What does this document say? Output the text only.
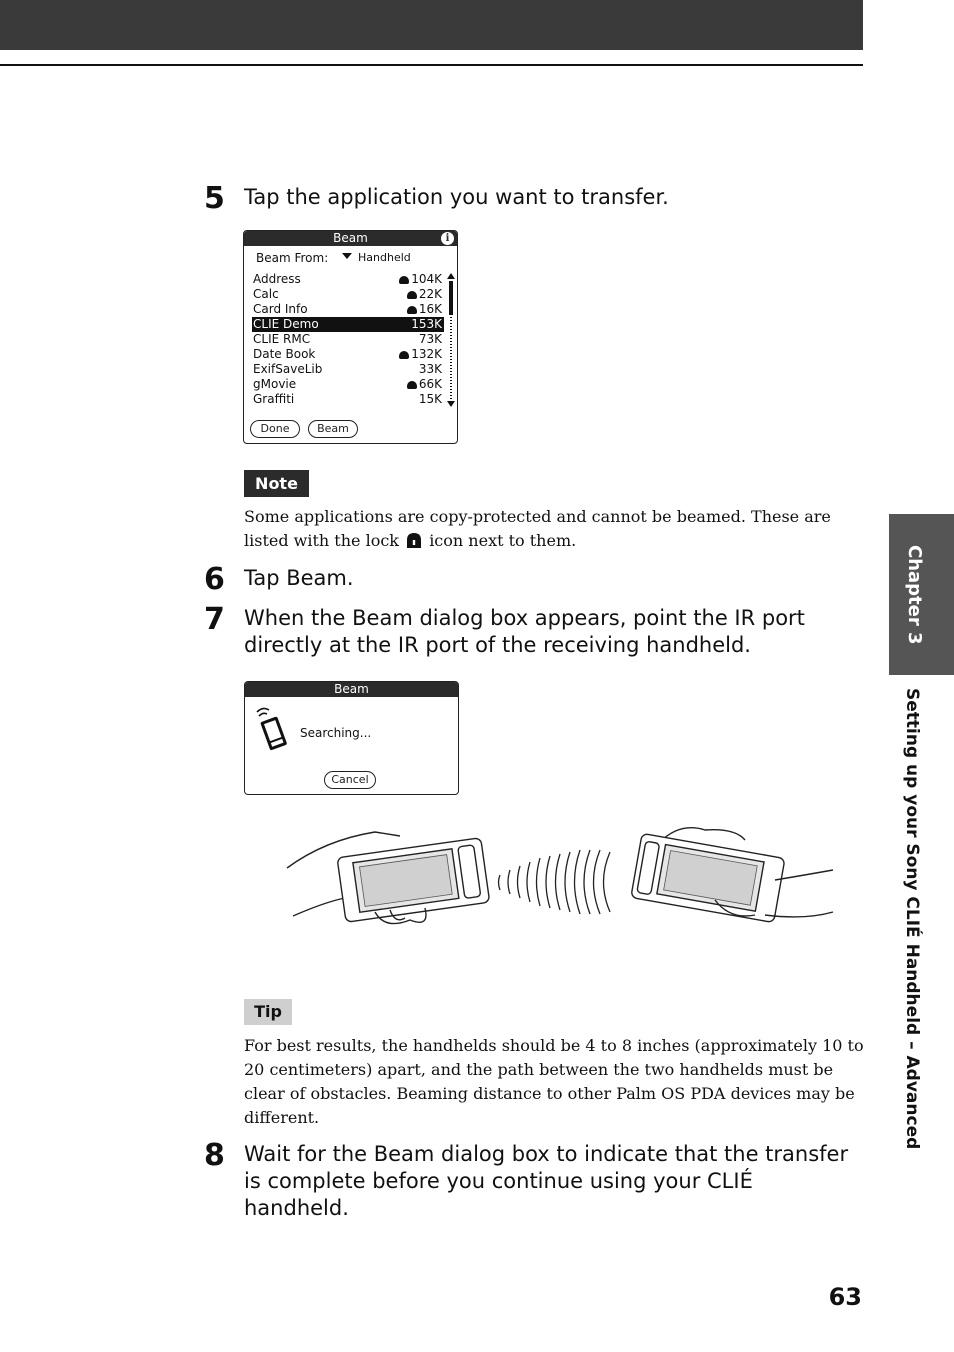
5 Tap the application you want to transfer.
Beam	i
Beam From:	Handheld
Address	104K
Calc	22K
Card Info	16K
CLIE Demo	153K
CLIE RMC	73K
Date Book	132K
ExifSaveLib	33K
gMovie	66K
Graffiti	15K
Done	Beam
Note
Some applications are copy-protected and cannot be beamed. These are listed with the lock icon next to them.
6 Tap Beam.
7 When the Beam dialog box appears, point the IR port directly at the IR port of the receiving handheld.
Beam
Searching...
Cancel
Tip
For best results, the handhelds should be 4 to 8 inches (approximately 10 to 20 centimeters) apart, and the path between the two handhelds must be clear of obstacles. Beaming distance to other Palm OS PDA devices may be different.
8 Wait for the Beam dialog box to indicate that the transfer is complete before you continue using your CLIÉ handheld.
Chapter 3
Setting up your Sony CLIÉ Handheld – Advanced
63
